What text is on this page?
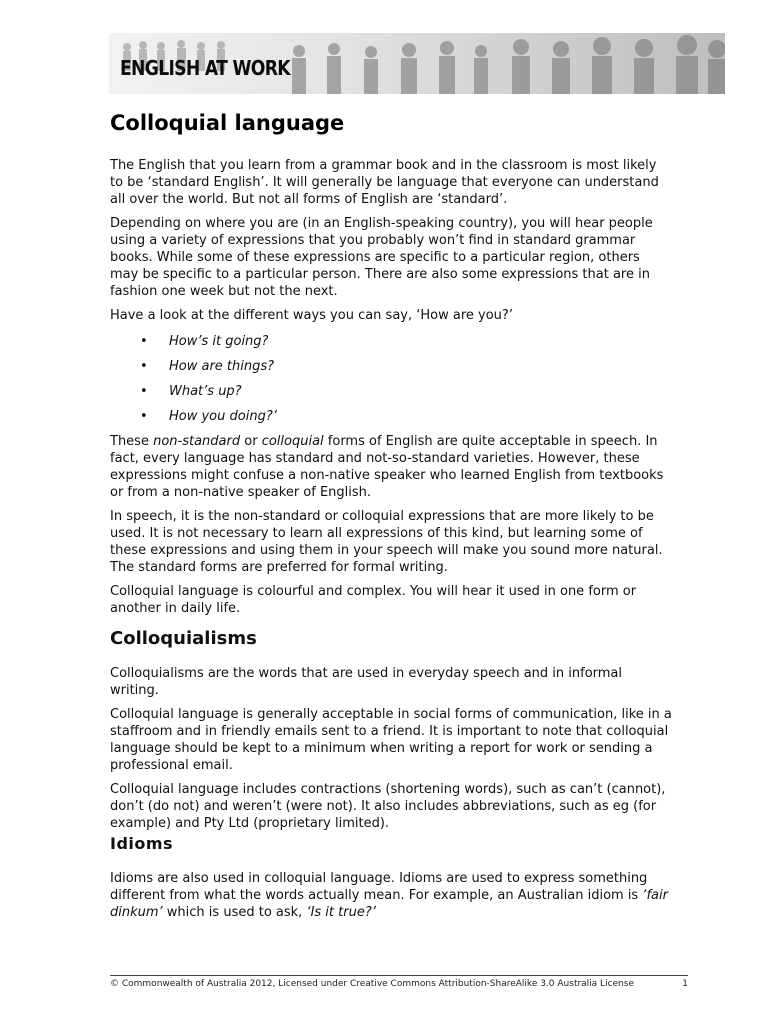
ENGLISH AT WORK
Colloquial language

The English that you learn from a grammar book and in the classroom is most likely to be ‘standard English’. It will generally be language that everyone can understand all over the world. But not all forms of English are ‘standard’.

Depending on where you are (in an English-speaking country), you will hear people using a variety of expressions that you probably won’t find in standard grammar books. While some of these expressions are specific to a particular region, others may be specific to a particular person. There are also some expressions that are in fashion one week but not the next.

Have a look at the different ways you can say, ‘How are you?’

• How’s it going?
• How are things?
• What’s up?
• How you doing?’

These non-standard or colloquial forms of English are quite acceptable in speech. In fact, every language has standard and not-so-standard varieties. However, these expressions might confuse a non-native speaker who learned English from textbooks or from a non-native speaker of English.

In speech, it is the non-standard or colloquial expressions that are more likely to be used. It is not necessary to learn all expressions of this kind, but learning some of these expressions and using them in your speech will make you sound more natural. The standard forms are preferred for formal writing.

Colloquial language is colourful and complex. You will hear it used in one form or another in daily life.

Colloquialisms

Colloquialisms are the words that are used in everyday speech and in informal writing.

Colloquial language is generally acceptable in social forms of communication, like in a staffroom and in friendly emails sent to a friend. It is important to note that colloquial language should be kept to a minimum when writing a report for work or sending a professional email.

Colloquial language includes contractions (shortening words), such as can’t (cannot), don’t (do not) and weren’t (were not). It also includes abbreviations, such as eg (for example) and Pty Ltd (proprietary limited).

Idioms

Idioms are also used in colloquial language. Idioms are used to express something different from what the words actually mean. For example, an Australian idiom is ‘fair dinkum’ which is used to ask, ‘Is it true?’

© Commonwealth of Australia 2012, Licensed under Creative Commons Attribution-ShareAlike 3.0 Australia License	1
